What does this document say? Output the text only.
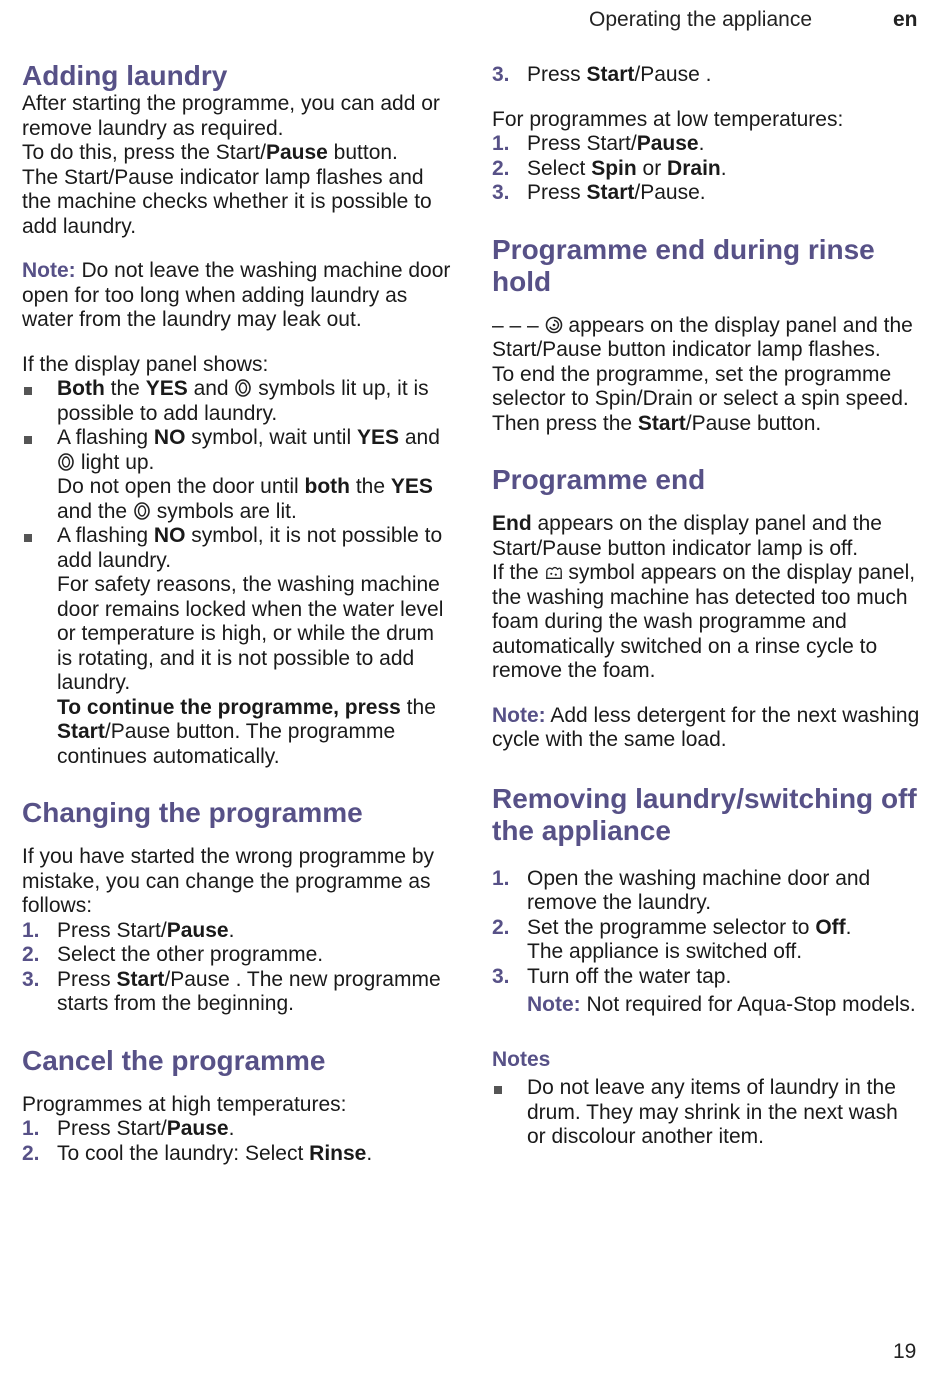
Operating the appliance	en
Adding laundry

After starting the programme, you can add or remove laundry as required.

To do this, press the Start/Pause button.

The Start/Pause indicator lamp flashes and the machine checks whether it is possible to add laundry.

Note: Do not leave the washing machine door open for too long when adding laundry as water from the laundry may leak out.

If the display panel shows:

Both the YES and  symbols lit up, it is possible to add laundry.
A flashing NO symbol, wait until YES and  light up.
Do not open the door until both the YES and the  symbols are lit.
A flashing NO symbol, it is not possible to add laundry.
For safety reasons, the washing machine door remains locked when the water level or temperature is high, or while the drum is rotating, and it is not possible to add laundry.
To continue the programme, press the Start/Pause button. The programme continues automatically.
Changing the programme

If you have started the wrong programme by mistake, you can change the programme as follows:

1. Press Start/Pause.
2. Select the other programme.
3. Press Start/Pause . The new programme starts from the beginning.
Cancel the programme

Programmes at high temperatures:

1. Press Start/Pause.
2. To cool the laundry: Select Rinse.
3. Press Start/Pause .

For programmes at low temperatures:

1. Press Start/Pause.
2. Select Spin or Drain.
3. Press Start/Pause.
Programme end during rinse hold

– – –  appears on the display panel and the Start/Pause button indicator lamp flashes.

To end the programme, set the programme selector to Spin/Drain or select a spin speed. Then press the Start/Pause button.

Programme end

End appears on the display panel and the Start/Pause button indicator lamp is off.

If the  symbol appears on the display panel, the washing machine has detected too much foam during the wash programme and automatically switched on a rinse cycle to remove the foam.

Note: Add less detergent for the next washing cycle with the same load.

Removing laundry/switching off the appliance
1. Open the washing machine door and remove the laundry.
2. Set the programme selector to Off.
The appliance is switched off.
3. Turn off the water tap.
Note: Not required for Aqua-Stop models.
Notes
Do not leave any items of laundry in the drum. They may shrink in the next wash or discolour another item.
19
